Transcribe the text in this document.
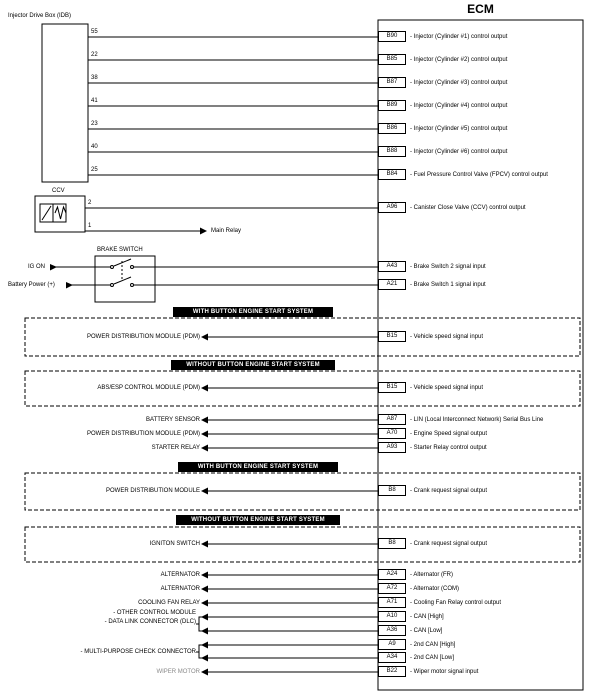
ECM
Injector Drive Box (IDB)
55
22
38
41
23
40
25
CCV
2
1
Main Relay
BRAKE SWITCH
IG ON
Battery Power (+)
WITH BUTTON ENGINE START SYSTEM
WITHOUT BUTTON ENGINE START SYSTEM
WITH BUTTON ENGINE START SYSTEM
WITHOUT BUTTON ENGINE START SYSTEM
POWER DISTRIBUTION MODULE (PDM)
ABS/ESP CONTROL MODULE (PDM)
BATTERY SENSOR
POWER DISTRIBUTION MODULE (PDM)
STARTER RELAY
POWER DISTRIBUTION MODULE
IGNITON SWITCH
ALTERNATOR
ALTERNATOR
COOLING FAN RELAY
- OTHER CONTROL MODULE
- DATA LINK CONNECTOR (DLC)
- MULTI-PURPOSE CHECK CONNECTOR
WIPER MOTOR
B90	- Injector (Cylinder #1) control output
B85	- Injector (Cylinder #2) control output
B87	- Injector (Cylinder #3) control output
B89	- Injector (Cylinder #4) control output
B86	- Injector (Cylinder #5) control output
B88	- Injector (Cylinder #6) control output
B84	- Fuel Pressure Control Valve (FPCV) control output
A96	- Canister Close Valve (CCV) control output
A43	- Brake Switch 2 signal input
A21	- Brake Switch 1 signal input
B15	- Vehicle speed signal input
B15	- Vehicle speed signal input
A87	- LIN (Local Interconnect Network) Serial Bus Line
A70	- Engine Speed signal output
A93	- Starter Relay control output
B8	- Crank request signal output
B8	- Crank request signal output
A24	- Alternator (FR)
A72	- Alternator (COM)
A71	- Cooling Fan Relay control output
A10	- CAN [High]
A36	- CAN [Low]
A9	- 2nd CAN [High]
A34	- 2nd CAN [Low]
B22	- Wiper motor signal input
